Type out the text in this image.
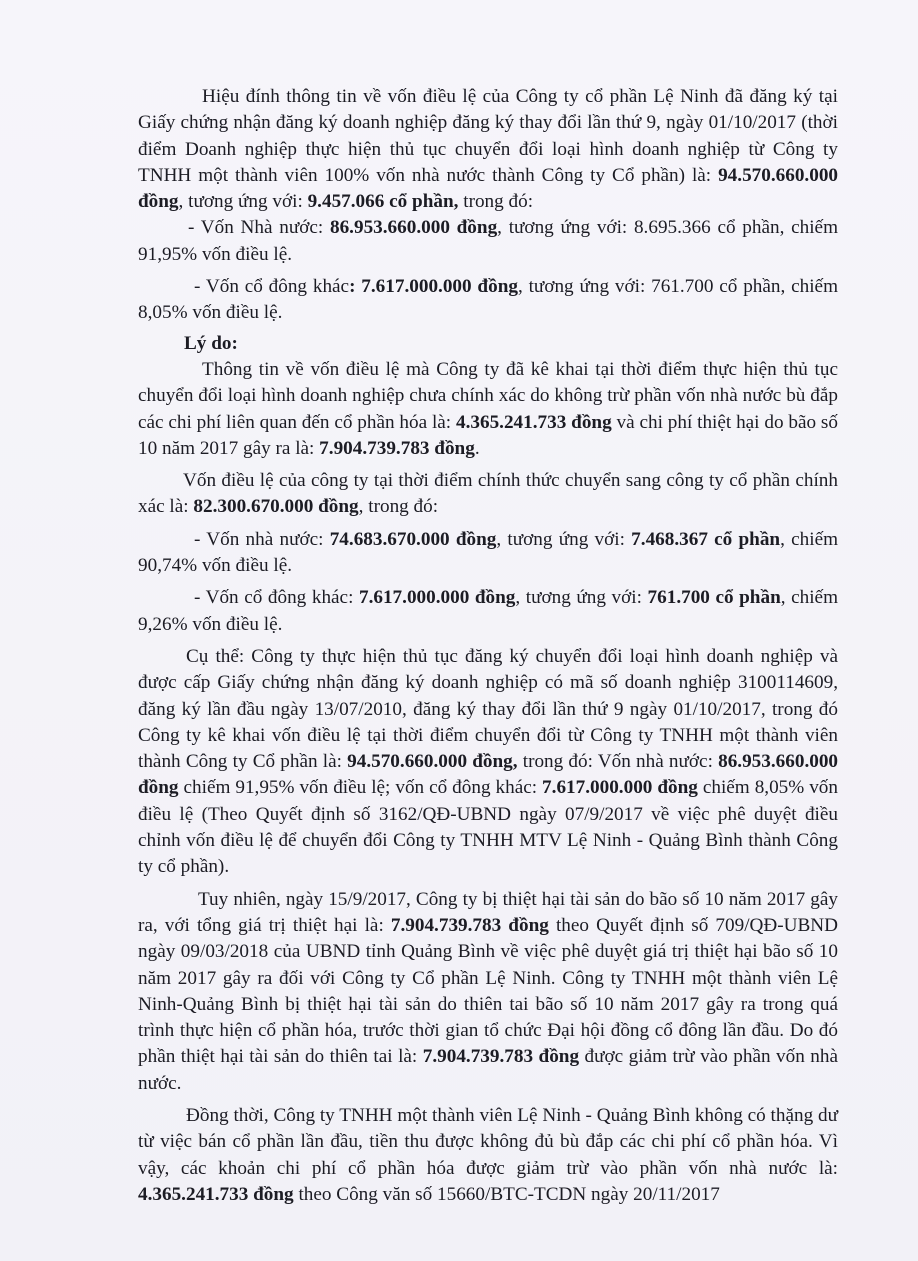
Hiệu đính thông tin về vốn điều lệ của Công ty cổ phần Lệ Ninh đã đăng ký tại Giấy chứng nhận đăng ký doanh nghiệp đăng ký thay đổi lần thứ 9, ngày 01/10/2017 (thời điểm Doanh nghiệp thực hiện thủ tục chuyển đổi loại hình doanh nghiệp từ Công ty TNHH một thành viên 100% vốn nhà nước thành Công ty Cổ phần) là: 94.570.660.000 đồng, tương ứng với: 9.457.066 cổ phần, trong đó:

- Vốn Nhà nước: 86.953.660.000 đồng, tương ứng với: 8.695.366 cổ phần, chiếm 91,95% vốn điều lệ.

- Vốn cổ đông khác: 7.617.000.000 đồng, tương ứng với: 761.700 cổ phần, chiếm 8,05% vốn điều lệ.

Lý do:

Thông tin về vốn điều lệ mà Công ty đã kê khai tại thời điểm thực hiện thủ tục chuyển đổi loại hình doanh nghiệp chưa chính xác do không trừ phần vốn nhà nước bù đắp các chi phí liên quan đến cổ phần hóa là: 4.365.241.733 đồng và chi phí thiệt hại do bão số 10 năm 2017 gây ra là: 7.904.739.783 đồng.

Vốn điều lệ của công ty tại thời điểm chính thức chuyển sang công ty cổ phần chính xác là: 82.300.670.000 đồng, trong đó:

- Vốn nhà nước: 74.683.670.000 đồng, tương ứng với: 7.468.367 cổ phần, chiếm 90,74% vốn điều lệ.

- Vốn cổ đông khác: 7.617.000.000 đồng, tương ứng với: 761.700 cổ phần, chiếm 9,26% vốn điều lệ.

Cụ thể: Công ty thực hiện thủ tục đăng ký chuyển đổi loại hình doanh nghiệp và được cấp Giấy chứng nhận đăng ký doanh nghiệp có mã số doanh nghiệp 3100114609, đăng ký lần đầu ngày 13/07/2010, đăng ký thay đổi lần thứ 9 ngày 01/10/2017, trong đó Công ty kê khai vốn điều lệ tại thời điểm chuyển đổi từ Công ty TNHH một thành viên thành Công ty Cổ phần là: 94.570.660.000 đồng, trong đó: Vốn nhà nước: 86.953.660.000 đồng chiếm 91,95% vốn điều lệ; vốn cổ đông khác: 7.617.000.000 đồng chiếm 8,05% vốn điều lệ (Theo Quyết định số 3162/QĐ-UBND ngày 07/9/2017 về việc phê duyệt điều chỉnh vốn điều lệ để chuyển đổi Công ty TNHH MTV Lệ Ninh - Quảng Bình thành Công ty cổ phần).

Tuy nhiên, ngày 15/9/2017, Công ty bị thiệt hại tài sản do bão số 10 năm 2017 gây ra, với tổng giá trị thiệt hại là: 7.904.739.783 đồng theo Quyết định số 709/QĐ-UBND ngày 09/03/2018 của UBND tỉnh Quảng Bình về việc phê duyệt giá trị thiệt hại bão số 10 năm 2017 gây ra đối với Công ty Cổ phần Lệ Ninh. Công ty TNHH một thành viên Lệ Ninh-Quảng Bình bị thiệt hại tài sản do thiên tai bão số 10 năm 2017 gây ra trong quá trình thực hiện cổ phần hóa, trước thời gian tổ chức Đại hội đồng cổ đông lần đầu. Do đó phần thiệt hại tài sản do thiên tai là: 7.904.739.783 đồng được giảm trừ vào phần vốn nhà nước.

Đồng thời, Công ty TNHH một thành viên Lệ Ninh - Quảng Bình không có thặng dư từ việc bán cổ phần lần đầu, tiền thu được không đủ bù đắp các chi phí cổ phần hóa. Vì vậy, các khoản chi phí cổ phần hóa được giảm trừ vào phần vốn nhà nước là: 4.365.241.733 đồng theo Công văn số 15660/BTC-TCDN ngày 20/11/2017
